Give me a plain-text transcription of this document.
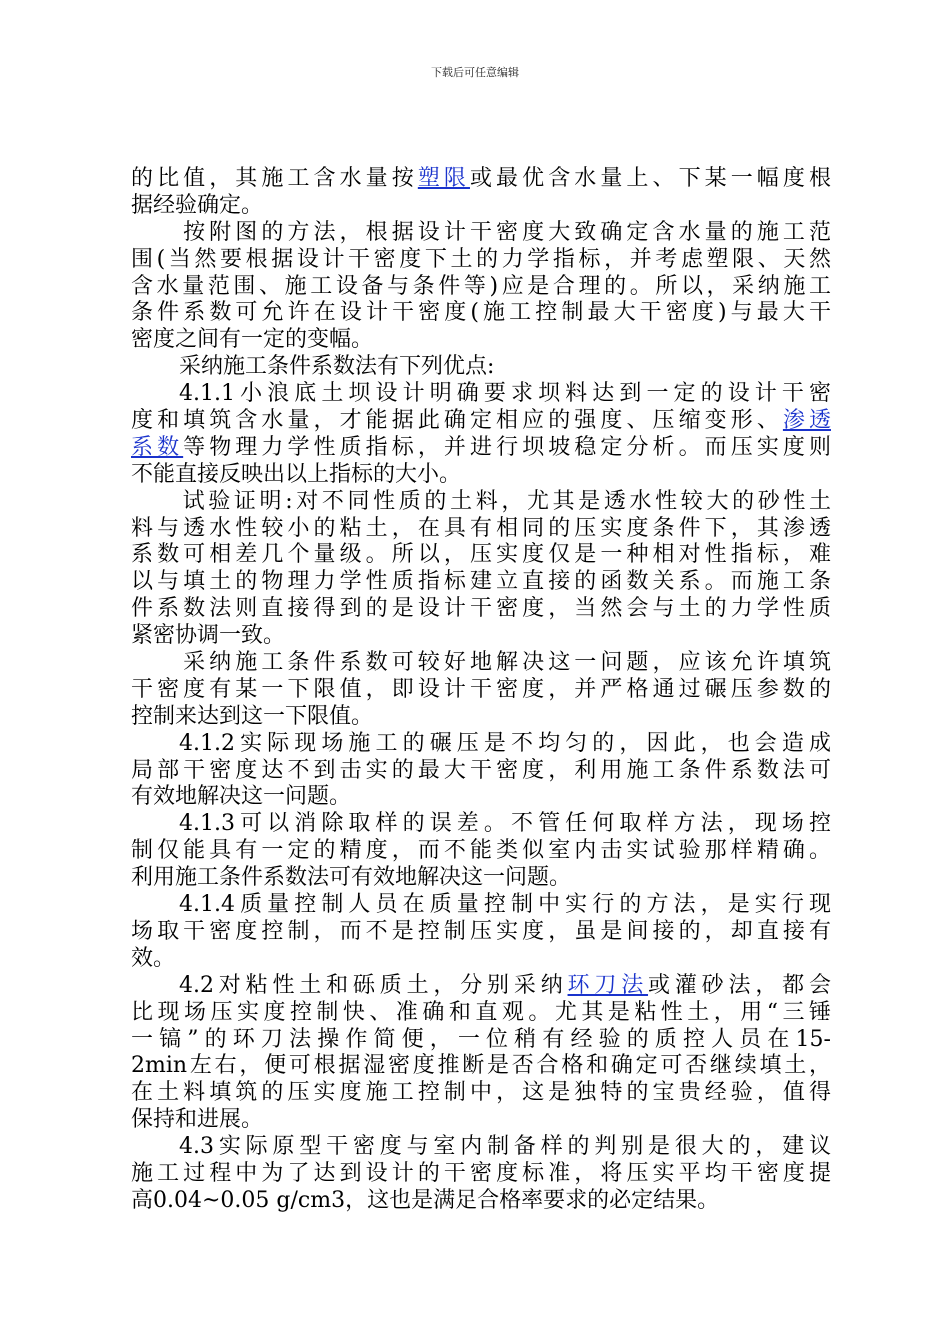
下载后可任意编辑
的比值，其施工含水量按塑限或最优含水量上、下某一幅度根
据经验确定。
按附图的方法，根据设计干密度大致确定含水量的施工范
围(当然要根据设计干密度下土的力学指标，并考虑塑限、天然
含水量范围、施工设备与条件等)应是合理的。所以，采纳施工
条件系数可允许在设计干密度(施工控制最大干密度)与最大干
密度之间有一定的变幅。
采纳施工条件系数法有下列优点:
4.1.1小浪底土坝设计明确要求坝料达到一定的设计干密
度和填筑含水量，才能据此确定相应的强度、压缩变形、渗透
系数等物理力学性质指标，并进行坝坡稳定分析。而压实度则
不能直接反映出以上指标的大小。
试验证明:对不同性质的土料，尤其是透水性较大的砂性土
料与透水性较小的粘土，在具有相同的压实度条件下，其渗透
系数可相差几个量级。所以，压实度仅是一种相对性指标，难
以与填土的物理力学性质指标建立直接的函数关系。而施工条
件系数法则直接得到的是设计干密度，当然会与土的力学性质
紧密协调一致。
采纳施工条件系数可较好地解决这一问题，应该允许填筑
干密度有某一下限值，即设计干密度，并严格通过碾压参数的
控制来达到这一下限值。
4.1.2实际现场施工的碾压是不均匀的，因此，也会造成
局部干密度达不到击实的最大干密度，利用施工条件系数法可
有效地解决这一问题。
4.1.3可以消除取样的误差。不管任何取样方法，现场控
制仅能具有一定的精度，而不能类似室内击实试验那样精确。
利用施工条件系数法可有效地解决这一问题。
4.1.4质量控制人员在质量控制中实行的方法，是实行现
场取干密度控制，而不是控制压实度，虽是间接的，却直接有
效。
4.2对粘性土和砾质土，分别采纳环刀法或灌砂法，都会
比现场压实度控制快、准确和直观。尤其是粘性土，用“三锤
一镐”的环刀法操作简便，一位稍有经验的质控人员在15-
2min左右，便可根据湿密度推断是否合格和确定可否继续填土，
在土料填筑的压实度施工控制中，这是独特的宝贵经验，值得
保持和进展。
4.3实际原型干密度与室内制备样的判别是很大的，建议
施工过程中为了达到设计的干密度标准，将压实平均干密度提
高0.04~0.05 g/cm3，这也是满足合格率要求的必定结果。
